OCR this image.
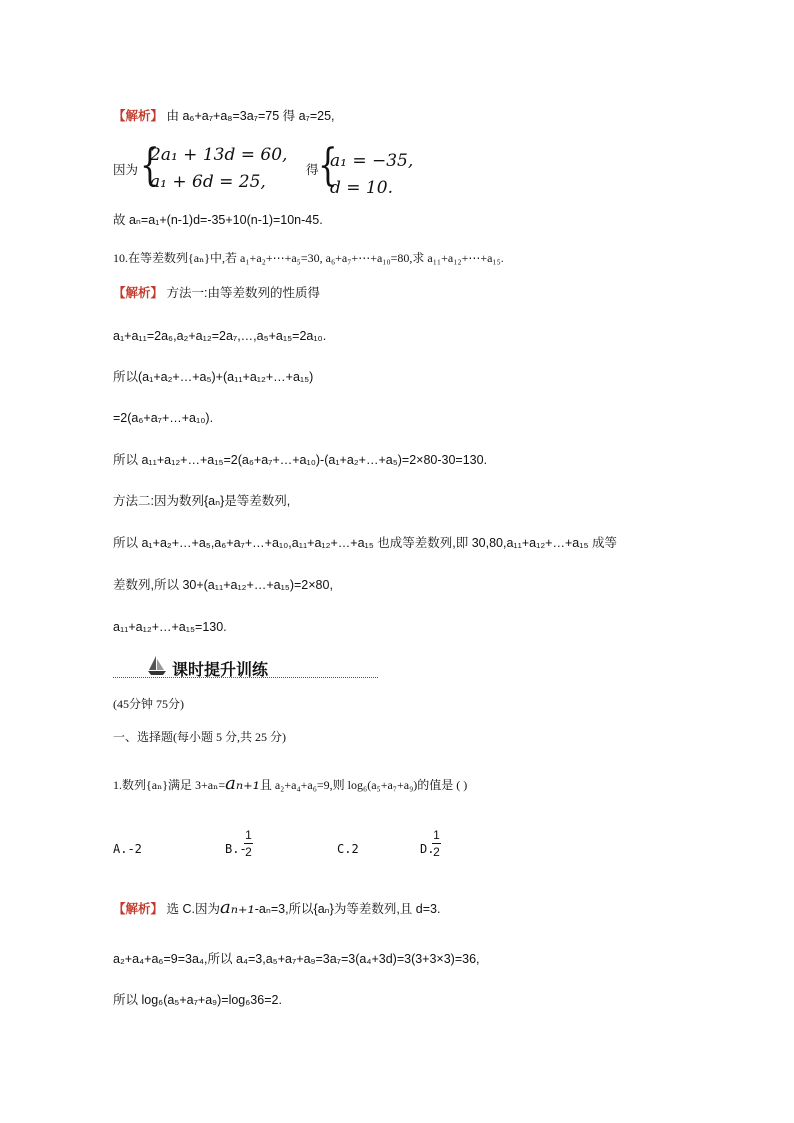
【解析】 由 a₆+a₇+a₈=3a₇=75 得 a₇=25,
因为 {
2a₁ + 13d = 60,
a₁ + 6d = 25,
得 {
a₁ = −35,
d = 10.
故 aₙ=a₁+(n-1)d=-35+10(n-1)=10n-45.
10.在等差数列{aₙ}中,若 a₁+a₂+⋯+a₅=30, a₆+a₇+⋯+a₁₀=80,求 a₁₁+a₁₂+⋯+a₁₅.
【解析】 方法一:由等差数列的性质得
a₁+a₁₁=2a₆,a₂+a₁₂=2a₇,…,a₅+a₁₅=2a₁₀.
所以(a₁+a₂+…+a₅)+(a₁₁+a₁₂+…+a₁₅)
=2(a₆+a₇+…+a₁₀).
所以 a₁₁+a₁₂+…+a₁₅=2(a₆+a₇+…+a₁₀)-(a₁+a₂+…+a₅)=2×80-30=130.
方法二:因为数列{aₙ}是等差数列,
所以 a₁+a₂+…+a₅,a₆+a₇+…+a₁₀,a₁₁+a₁₂+…+a₁₅ 也成等差数列,即 30,80,a₁₁+a₁₂+…+a₁₅ 成等
差数列,所以 30+(a₁₁+a₁₂+…+a₁₅)=2×80,
a₁₁+a₁₂+…+a₁₅=130.
课时提升训练
(45分钟 75分)
一、选择题(每小题 5 分,共 25 分)
1.数列{aₙ}满足 3+aₙ=aₙ₊₁且 a₂+a₄+a₆=9,则 log₆(a₅+a₇+a₉)的值是 ( )
A.-2	B.-
1
2	C.2	D.
1
2
【解析】 选 C.因为aₙ₊₁-aₙ=3,所以{aₙ}为等差数列,且 d=3.
a₂+a₄+a₆=9=3a₄,所以 a₄=3,a₅+a₇+a₉=3a₇=3(a₄+3d)=3(3+3×3)=36,
所以 log₆(a₅+a₇+a₉)=log₆36=2.
